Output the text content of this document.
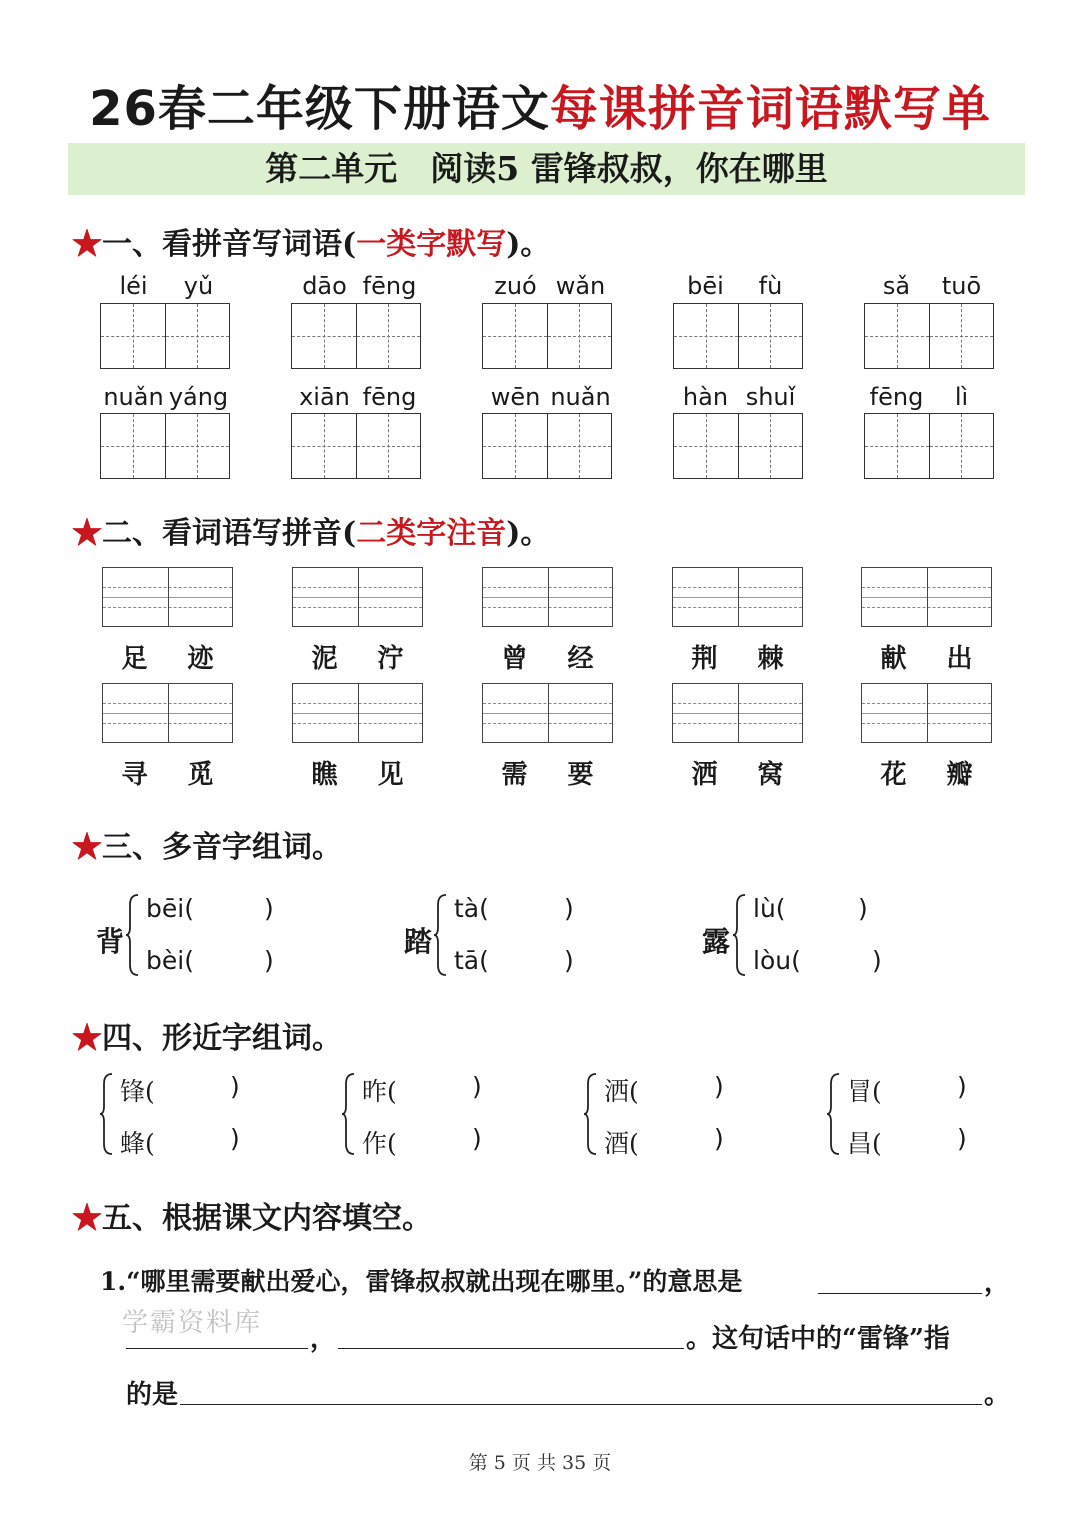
26春二年级下册语文每课拼音词语默写单
第二单元　阅读5 雷锋叔叔，你在哪里
★一、看拼音写词语(一类字默写)。
léi	yǔ	dāo fēng	zuó wǎn	bēi	fù	sǎ	tuō
nuǎn yáng	xiān fēng	wēn nuǎn	hàn shuǐ	fēng	lì
★二、看词语写拼音(二类字注音)。
足	迹	泥	泞	曾	经	荆	棘	献	出
寻	觅	瞧	见	需	要	洒	窝	花	瓣
★三、多音字组词。
背
bēi(	)
bèi(	)
踏
tà(	)
tā(	)
露
lù(	)
lòu(	)
★四、形近字组词。
锋(	)
蜂(	)
昨(	)
作(	)
洒(	)
酒(	)
冒(	)
昌(	)
★五、根据课文内容填空。
1.“哪里需要献出爱心，雷锋叔叔就出现在哪里。”的意思是	，
，	。这句话中的“雷锋”指
的是	。
学霸资料库
第 5 页 共 35 页
